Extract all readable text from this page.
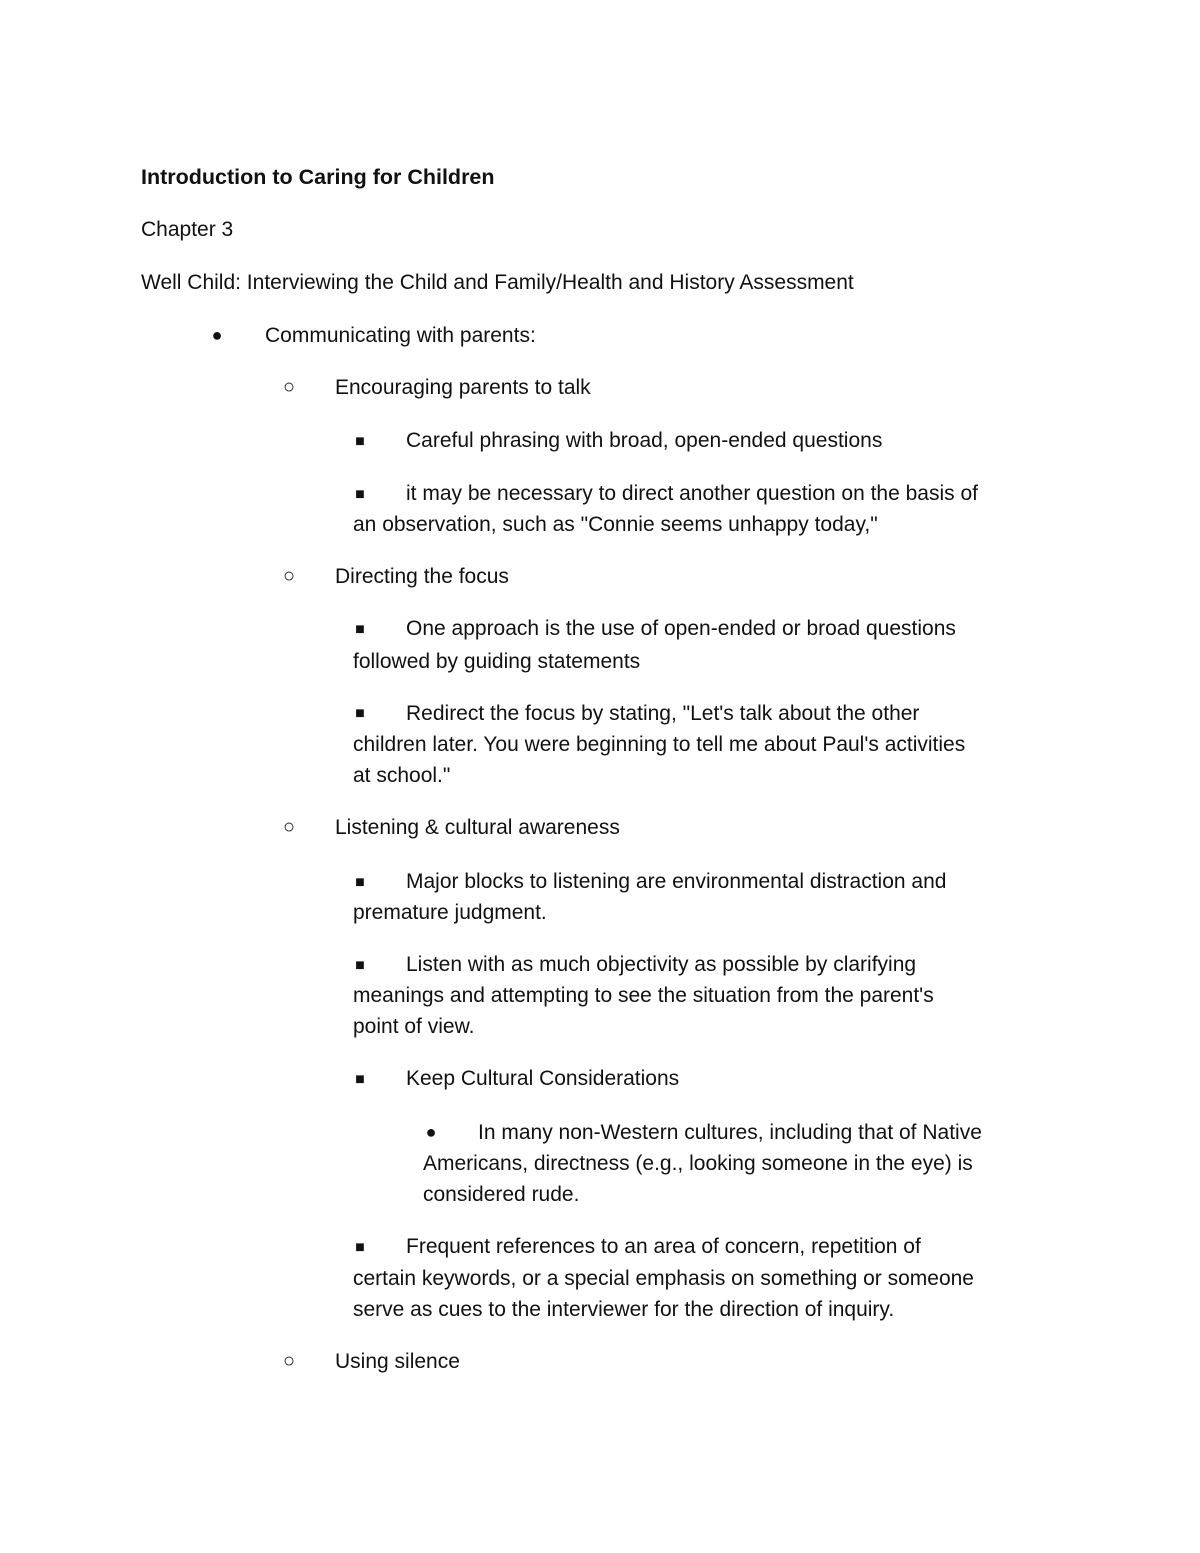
Introduction to Caring for Children
Chapter 3
Well Child: Interviewing the Child and Family/Health and History Assessment
● Communicating with parents:
○ Encouraging parents to talk
■ Careful phrasing with broad, open-ended questions
■ it may be necessary to direct another question on the basis of
an observation, such as "Connie seems unhappy today,"
○ Directing the focus
■ One approach is the use of open-ended or broad questions
followed by guiding statements
■ Redirect the focus by stating, "Let's talk about the other
children later. You were beginning to tell me about Paul's activities
at school."
○ Listening & cultural awareness
■ Major blocks to listening are environmental distraction and
premature judgment.
■ Listen with as much objectivity as possible by clarifying
meanings and attempting to see the situation from the parent's
point of view.
■ Keep Cultural Considerations
● In many non-Western cultures, including that of Native
Americans, directness (e.g., looking someone in the eye) is
considered rude.
■ Frequent references to an area of concern, repetition of
certain keywords, or a special emphasis on something or someone
serve as cues to the interviewer for the direction of inquiry.
○ Using silence
